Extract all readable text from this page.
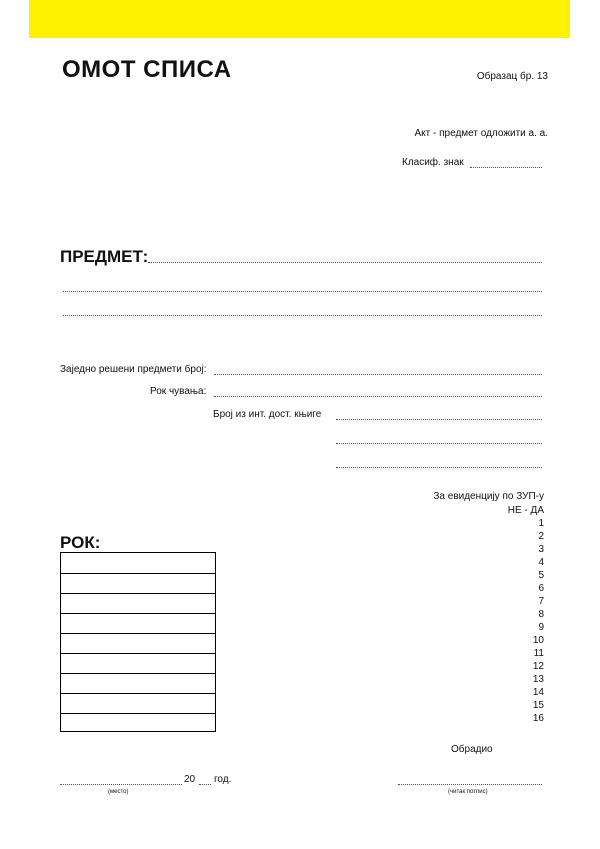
ОМОТ СПИСА	Образац бр. 13
Акт - предмет одложити а. а.
Класиф. знак
ПРЕДМЕТ:
Заједно решени предмети број:
Рок чувања:
Број из инт. дост. књиге
За евиденцију по ЗУП-у
НЕ - ДА
1
2
3
4
5
6
7
8
9
10
11
12
13
14
15
16
РОК:
Обрадио
20 год.
(место)	(читак потпис)
